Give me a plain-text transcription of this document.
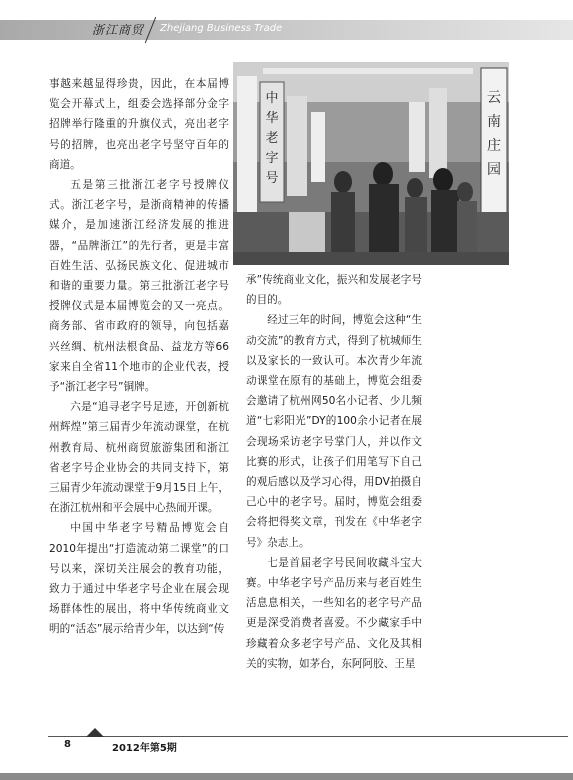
浙江商贸 Zhejiang Business Trade

事越来越显得珍贵，因此，在本届博览会开幕式上，组委会选择部分金字招牌举行隆重的升旗仪式，亮出老字号的招牌，也亮出老字号坚守百年的商道。

五是第三批浙江老字号授牌仪式。浙江老字号，是浙商精神的传播媒介，是加速浙江经济发展的推进器，“品牌浙江”的先行者，更是丰富百姓生活、弘扬民族文化、促进城市和谐的重要力量。第三批浙江老字号授牌仪式是本届博览会的又一亮点。商务部、省市政府的领导，向包括嘉兴丝绸、杭州法根食品、益龙方等66家来自全省11个地市的企业代表，授予“浙江老字号”铜牌。

六是“追寻老字号足迹，开创新杭州辉煌”第三届青少年流动课堂，在杭州教育局、杭州商贸旅游集团和浙江省老字号企业协会的共同支持下，第三届青少年流动课堂于9月15日上午，在浙江杭州和平会展中心热闹开课。

中国中华老字号精品博览会自2010年提出“打造流动第二课堂”的口号以来，深切关注展会的教育功能，致力于通过中华老字号企业在展会现场群体性的展出，将中华传统商业文明的“活态”展示给青少年，以达到“传

中
华
老
字
号
云
南
庄
园

承”传统商业文化，振兴和发展老字号的目的。

经过三年的时间，博览会这种“生动交流”的教育方式，得到了杭城师生以及家长的一致认可。本次青少年流动课堂在原有的基础上，博览会组委会邀请了杭州网50名小记者、少儿频道“七彩阳光”DY的100余小记者在展会现场采访老字号掌门人，并以作文比赛的形式，让孩子们用笔写下自己的观后感以及学习心得，用DV拍摄自己心中的老字号。届时，博览会组委会将把得奖文章，刊发在《中华老字号》杂志上。

七是首届老字号民间收藏斗宝大赛。中华老字号产品历来与老百姓生活息息相关，一些知名的老字号产品更是深受消费者喜爱。不少藏家手中珍藏着众多老字号产品、文化及其相关的实物，如茅台，东阿阿胶、王星

8	2012年第5期
